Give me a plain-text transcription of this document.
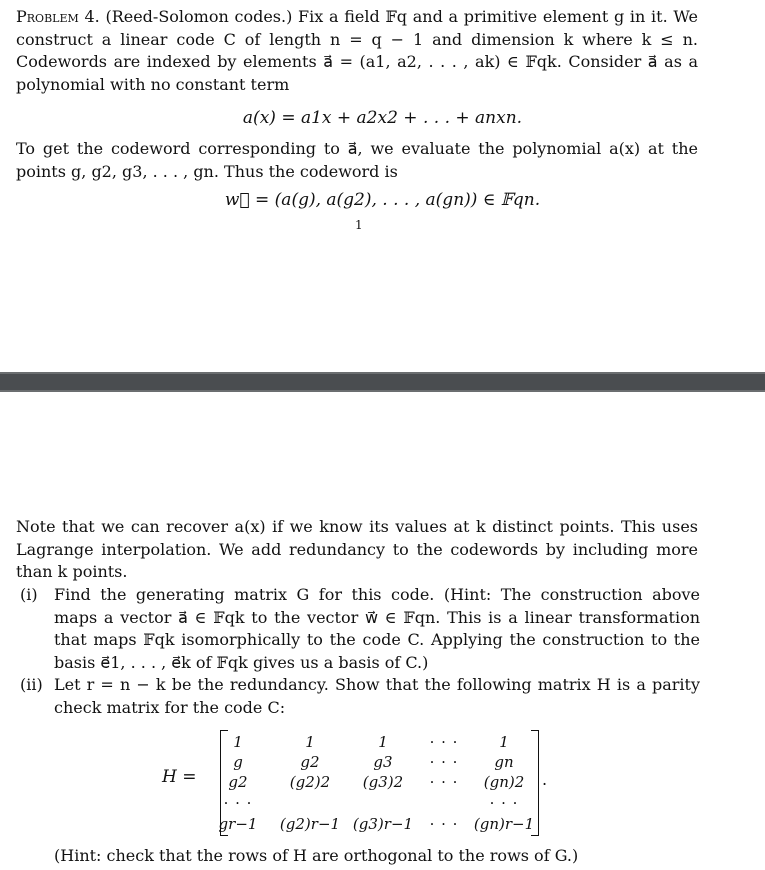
Problem 4. (Reed-Solomon codes.) Fix a field 𝔽q and a primitive element g in it. We construct a linear code C of length n = q − 1 and dimension k where k ≤ n. Codewords are indexed by elements a⃗ = (a1, a2, . . . , ak) ∈ 𝔽qk. Consider a⃗ as a polynomial with no constant term
a(x) = a1x + a2x2 + . . . + anxn.
To get the codeword corresponding to a⃗, we evaluate the polynomial a(x) at the points g, g2, g3, . . . , gn. Thus the codeword is
w⃗ = (a(g), a(g2), . . . , a(gn)) ∈ 𝔽qn.
1
Note that we can recover a(x) if we know its values at k distinct points. This uses Lagrange interpolation. We add redundancy to the codewords by including more than k points.
(i) Find the generating matrix G for this code. (Hint: The construction above maps a vector a⃗ ∈ 𝔽qk to the vector w⃗ ∈ 𝔽qn. This is a linear transformation that maps 𝔽qk isomorphically to the code C. Applying the construction to the basis e⃗1, . . . , e⃗k of 𝔽qk gives us a basis of C.)
(ii) Let r = n − k be the redundancy. Show that the following matrix H is a parity check matrix for the code C:
H =
1	1	1	· · ·	1
g	g2	g3	· · ·	gn
g2	(g2)2	(g3)2	· · ·	(gn)2
· · ·	· · ·
gr−1	(g2)r−1 (g3)r−1	· · ·	(gn)r−1
.
(Hint: check that the rows of H are orthogonal to the rows of G.)
